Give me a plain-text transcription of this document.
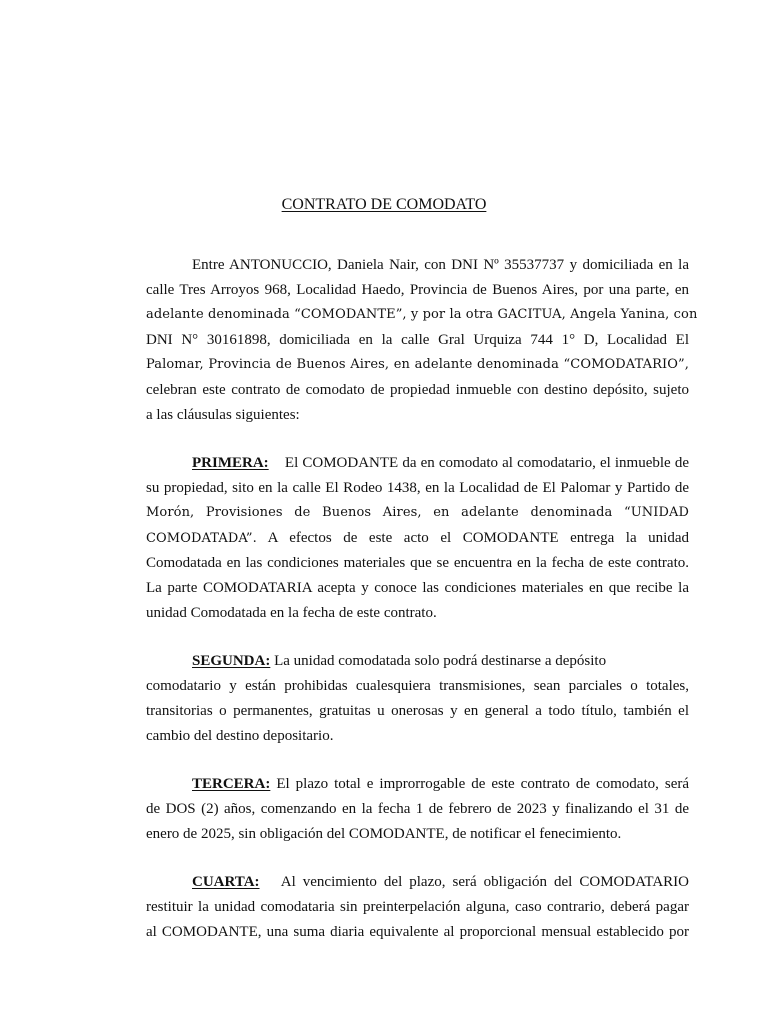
CONTRATO DE COMODATO
Entre ANTONUCCIO, Daniela Nair, con DNI Nº 35537737 y domiciliada en la
calle Tres Arroyos 968, Localidad Haedo, Provincia de Buenos Aires, por una parte, en
adelante denominada “COMODANTE”, y por la otra GACITUA, Angela Yanina, con
DNI N° 30161898, domiciliada en la calle Gral Urquiza 744 1° D, Localidad El
Palomar, Provincia de Buenos Aires, en adelante denominada “COMODATARIO”,
celebran este contrato de comodato de propiedad inmueble con destino depósito, sujeto
a las cláusulas siguientes:
PRIMERA: El COMODANTE da en comodato al comodatario, el inmueble de
su propiedad, sito en la calle El Rodeo 1438, en la Localidad de El Palomar y Partido de
Morón, Provisiones de Buenos Aires, en adelante denominada “UNIDAD
COMODATADA”. A efectos de este acto el COMODANTE entrega la unidad
Comodatada en las condiciones materiales que se encuentra en la fecha de este contrato.
La parte COMODATARIA acepta y conoce las condiciones materiales en que recibe la
unidad Comodatada en la fecha de este contrato.
SEGUNDA: La unidad comodatada solo podrá destinarse a depósito
comodatario y están prohibidas cualesquiera transmisiones, sean parciales o totales,
transitorias o permanentes, gratuitas u onerosas y en general a todo título, también el
cambio del destino depositario.
TERCERA: El plazo total e improrrogable de este contrato de comodato, será
de DOS (2) años, comenzando en la fecha 1 de febrero de 2023 y finalizando el 31 de
enero de 2025, sin obligación del COMODANTE, de notificar el fenecimiento.
CUARTA: Al vencimiento del plazo, será obligación del COMODATARIO
restituir la unidad comodataria sin preinterpelación alguna, caso contrario, deberá pagar
al COMODANTE, una suma diaria equivalente al proporcional mensual establecido por
